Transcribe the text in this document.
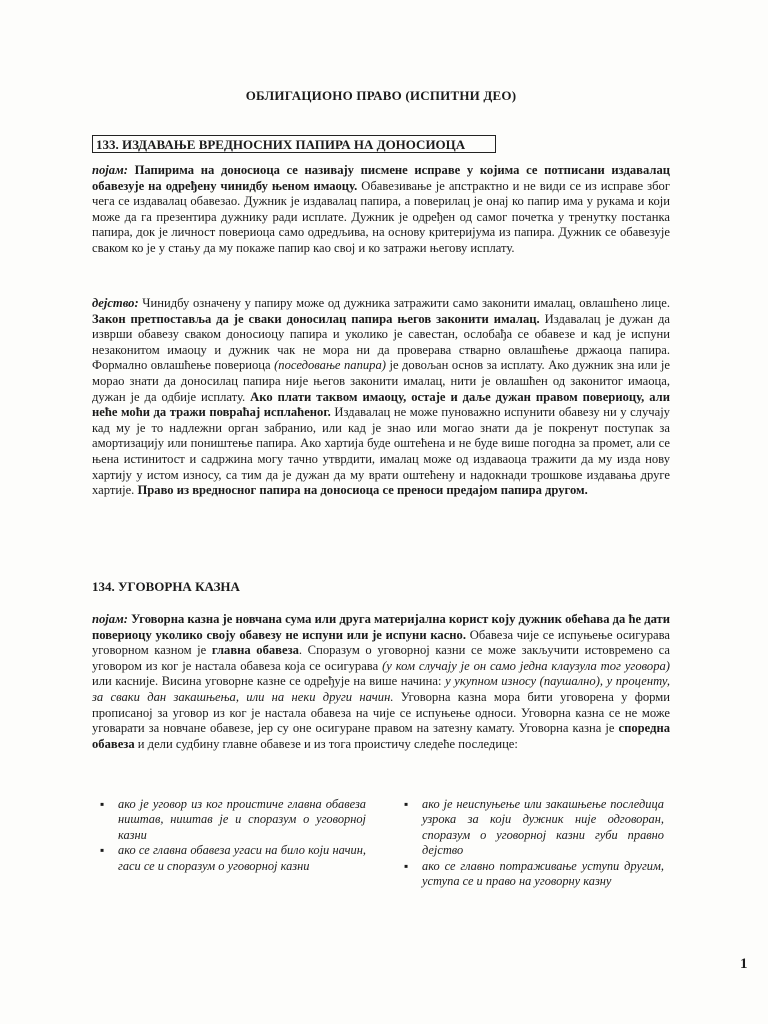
ОБЛИГАЦИОНО ПРАВО (ИСПИТНИ ДЕО)
133. ИЗДАВАЊЕ ВРЕДНОСНИХ ПАПИРА НА ДОНОСИОЦА

појам: Папирима на доносиоца се називају писмене исправе у којима се потписани издавалац обавезује на одређену чинидбу њеном имаоцу. Обавезивање је апстрактно и не види се из исправе због чега се издавалац обавезао. Дужник је издавалац папира, а поверилац је онај ко папир има у рукама и који може да га презентира дужнику ради исплате. Дужник је одређен од самог почетка у тренутку постанка папира, док је личност повериоца само одредљива, на основу критеријума из папира. Дужник се обавезује сваком ко је у стању да му покаже папир као свој и ко затражи његову исплату.

дејство: Чинидбу означену у папиру може од дужника затражити само законити ималац, овлашћено лице. Закон претпоставља да је сваки доносилац папира његов законити ималац. Издавалац је дужан да изврши обавезу сваком доносиоцу папира и уколико је савестан, ослобађа се обавезе и кад је испуни незаконитом имаоцу и дужник чак не мора ни да проверава стварно овлашћење држаоца папира. Формално овлашћење повериоца (поседовање папира) је довољан основ за исплату. Ако дужник зна или је морао знати да доносилац папира није његов законити ималац, нити је овлашћен од законитог имаоца, дужан је да одбије исплату. Ако плати таквом имаоцу, остаје и даље дужан правом повериоцу, али неће моћи да тражи повраћај исплаћеног. Издавалац не може пуноважно испунити обавезу ни у случају кад му је то надлежни орган забранио, или кад је знао или могао знати да је покренут поступак за амортизацију или поништење папира. Ако хартија буде оштећена и не буде више погодна за промет, али се њена истинитост и садржина могу тачно утврдити, ималац може од издаваоца тражити да му изда нову хартију у истом износу, са тим да је дужан да му врати оштећену и надокнади трошкове издавања друге хартије. Право из вредносног папира на доносиоца се преноси предајом папира другом.

134. УГОВОРНА КАЗНА

појам: Уговорна казна је новчана сума или друга материјална корист коју дужник обећава да ће дати повериоцу уколико своју обавезу не испуни или је испуни касно. Обавеза чије се испуњење осигурава уговорном казном је главна обавеза. Споразум о уговорној казни се може закључити истовремено са уговором из ког је настала обавеза која се осигурава (у ком случају је он само једна клаузула тог уговора) или касније. Висина уговорне казне се одређује на више начина: у укупном износу (паушално), у проценту, за сваки дан закашњења, или на неки други начин. Уговорна казна мора бити уговорена у форми прописаној за уговор из ког је настала обавеза на чије се испуњење односи. Уговорна казна се не може уговарати за новчане обавезе, јер су оне осигуране правом на затезну камату. Уговорна казна је споредна обавеза и дели судбину главне обавезе и из тога проистичу следеће последице:

▪ ако је уговор из ког проистиче главна обавеза ништав, ништав је и споразум о уговорној казни
▪ ако се главна обавеза угаси на било који начин, гаси се и споразум о уговорној казни
▪ ако је неиспуњење или закашњење последица узрока за који дужник није одговоран, споразум о уговорној казни губи правно дејство
▪ ако се главно потраживање уступи другим, уступа се и право на уговорну казну
1
